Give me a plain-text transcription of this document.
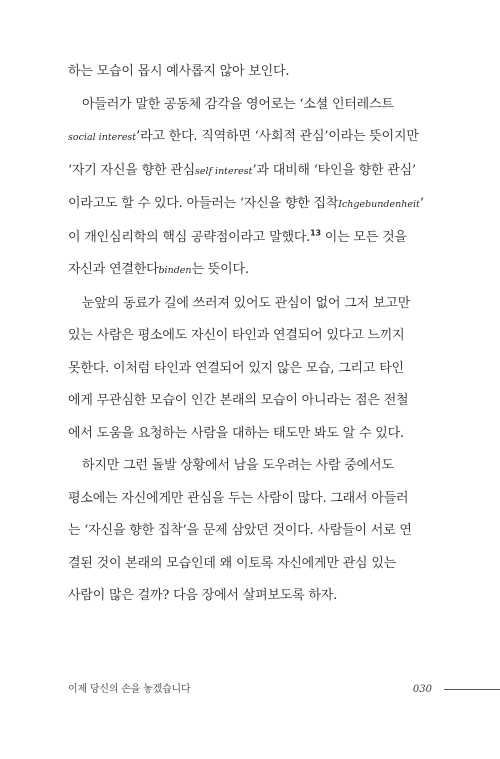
하는 모습이 몹시 예사롭지 않아 보인다.

아들러가 말한 공동체 감각을 영어로는 ‘소셜 인터레스트
social interest’라고 한다. 직역하면 ‘사회적 관심’이라는 뜻이지만
‘자기 자신을 향한 관심self interest’과 대비해 ‘타인을 향한 관심’
이라고도 할 수 있다. 아들러는 ‘자신을 향한 집착Ichgebundenheit’
이 개인심리학의 핵심 공략점이라고 말했다.$^{13}$ 이는 모든 것을
자신과 연결한다binden는 뜻이다.

눈앞의 동료가 길에 쓰러져 있어도 관심이 없어 그저 보고만
있는 사람은 평소에도 자신이 타인과 연결되어 있다고 느끼지
못한다. 이처럼 타인과 연결되어 있지 않은 모습, 그리고 타인
에게 무관심한 모습이 인간 본래의 모습이 아니라는 점은 전철
에서 도움을 요청하는 사람을 대하는 태도만 봐도 알 수 있다.

하지만 그런 돌발 상황에서 남을 도우려는 사람 중에서도
평소에는 자신에게만 관심을 두는 사람이 많다. 그래서 아들러
는 ‘자신을 향한 집착’을 문제 삼았던 것이다. 사람들이 서로 연
결된 것이 본래의 모습인데 왜 이토록 자신에게만 관심 있는
사람이 많은 걸까? 다음 장에서 살펴보도록 하자.

이제 당신의 손을 놓겠습니다	030
